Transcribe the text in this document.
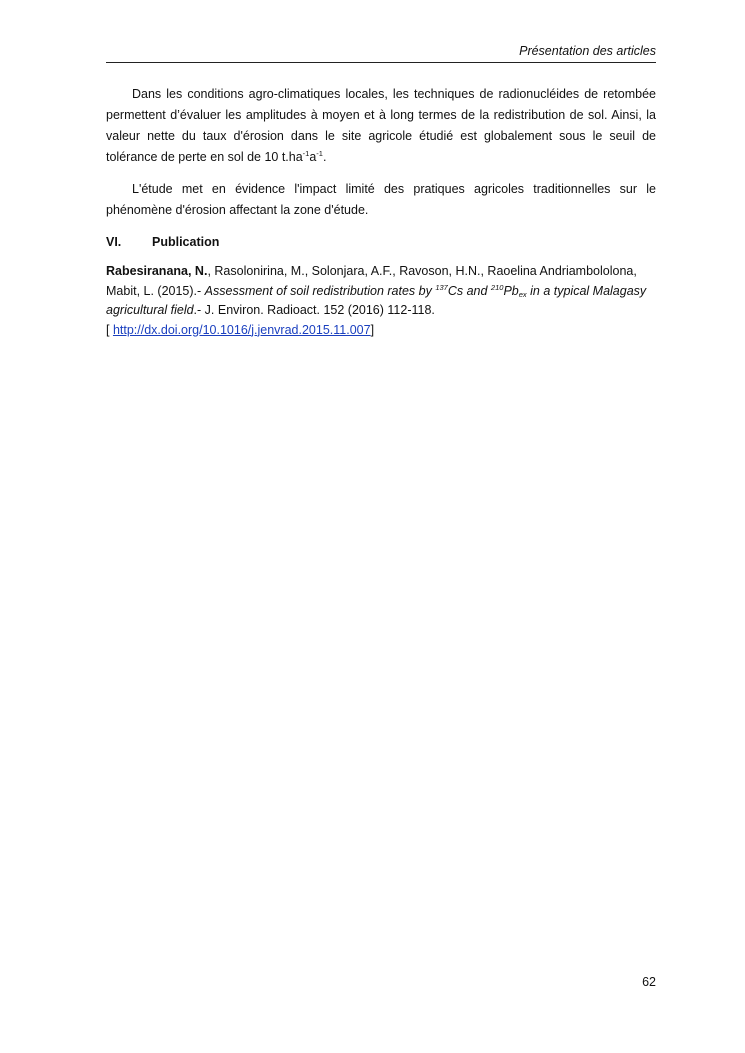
Présentation des articles

Dans les conditions agro-climatiques locales, les techniques de radionucléides de retombée permettent d’évaluer les amplitudes à moyen et à long termes de la redistribution de sol. Ainsi, la valeur nette du taux d'érosion dans le site agricole étudié est globalement sous le seuil de tolérance de perte en sol de 10 $t.ha^{-1}a^{-1}$.

L'étude met en évidence l'impact limité des pratiques agricoles traditionnelles sur le phénomène d'érosion affectant la zone d'étude.

VI.	Publication

Rabesiranana, N., Rasolonirina, M., Solonjara, A.F., Ravoson, H.N., Raoelina Andriambololona, Mabit, L. (2015).- Assessment of soil redistribution rates by $^{137}$Cs and $^{210}Pb_{ex}$ in a typical Malagasy agricultural field.- J. Environ. Radioact. 152 (2016) 112-118.
[ http://dx.doi.org/10.1016/j.jenvrad.2015.11.007]

62
